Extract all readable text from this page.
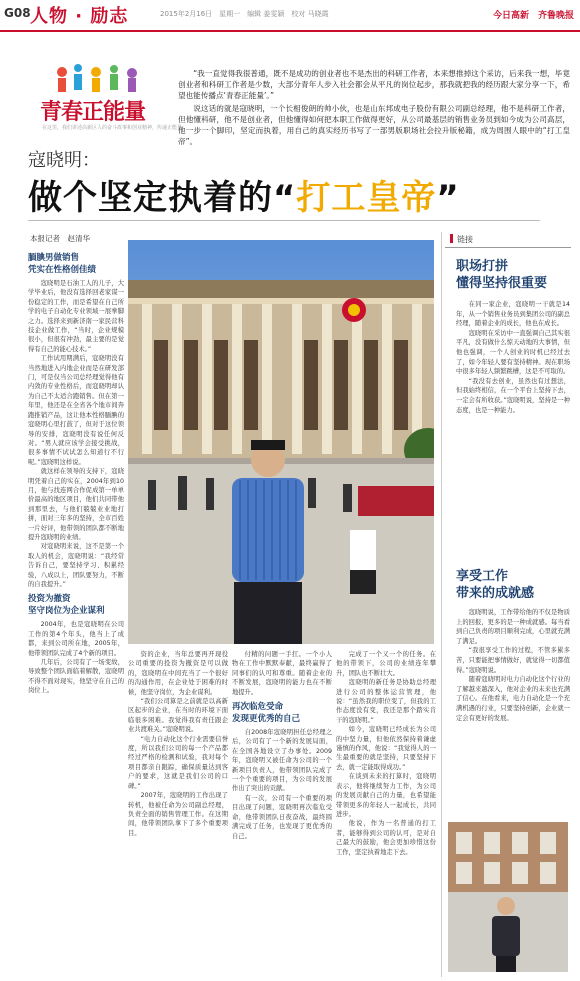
G08 人物 · 励志	2015年2月16日　星期一　编辑 姜雯颖　校对 马晓霞	今日高新　齐鲁晚报
青春正能量
在这里，我们讲述高新区人的奋斗故事和创业精神，传递正能量

“我一直觉得我很普通，既不是成功的创业者也不是杰出的科研工作者，本来想推掉这个采访，后来我一想，毕竟创业者和科研工作者是少数，大部分青年人步入社会都会从平凡的岗位起步，那我就把我的经历跟大家分享一下，希望也能传播点‘青春正能量’。”

说这话的就是寇晓明，一个长相俊朗的帅小伙，也是山东邦成电子股份有限公司副总经理，他不是科研工作者，但他懂科研，他不是创业者，但他懂得如何把本职工作做得更好，从公司最基层的销售业务员到如今成为公司高层，他一步一个脚印，坚定而执着，用自己的真实经历书写了一部男版职场社会拉升版秘籍，成为周围人眼中的“打工皇帝”。

寇晓明：
做个坚定执着的“打工皇帝”
本报记者　赵清华
腼腆男做销售
凭实在性格创佳绩

寇晓明是石油工人的儿子，大学毕业后，他没有选择回老家谋一份稳定的工作，而是希望在自己所学的电子自动化专业领域一展拳脚之力。选择来到新济南一家民营科技企业做工作，“当时，企业规模很小，但很有冲劲，最主要的是觉得有自己的能心技术。”

工作试用期满后，寇晓明没有当然地进入内地企业而是在研发部门，可是仅当公司总经理觉得他有内敛的专业性格后，而寇晓明却认为自己不太适合跑销售。但在第一年里，他还是在全省各个地市间奔跑推销产品，这让他本性格腼腆的寇晓明心里打鼓了，但对于这位领导的安排，寇晓明没有说任何反对。“男人就应该学会接受挑战，很多事情不试试怎么知道行不行呢。”寇晓明这样说。

就这样在领导的支持下，寇晓明凭着自己的实在，2004年到10月，他与找连网合作促成第一单单价最高的地区项目，他们共同带他到那里去，与他们兢兢业业地打拼，面对三年多的坚持，全市百姓一片好评，他带领的团队都不断地提升寇晓明的业绩。

对寇晓明来说，这不是第一个取人的机会，寇晓明说：“我经常告诉自己，要坚持学习、积累经验，八成以上，团队要努力，不断的自我提升。”

投资为撤资
坚守岗位为企业谋利

2004年，也是寇晓明在公司工作的第4个年头，他当上了成都，来到公司所在地，2005年，他带领团队完成了4个新的项目。

几年后，公司有了一场变故，导致整个团队面临着解散，寇晓明不得不面对现实，他坚守在自己的岗位上。

资的企业，当年总要再开现役公司重要的投资为撤资是可以做的，寇晓明在中间充当了一个很好的沟通作用，在企业处于困难的时候，他坚守岗位，为企业谋利。

“我们公司算是之前就是以高新区起步的企业，在当时的环境下面临很多困难。我觉得我有责任跟企业共渡难关。”寇晓明说。

“电力自动化这个行业需要信誉度，所以我们公司的每一个产品都经过严格的检测和试验，我对每个项目都亲自跟踪，确保质量达到客户的要求，这就是我们公司的口碑。”

2007年，寇晓明的工作出现了转机，他被任命为公司副总经理，负责全面的销售管理工作。在这期间，他带领团队拿下了多个重要项目。

付精的问题一手扛。一个小人物在工作中默默奉献，最终赢得了同事们的认可和尊重。随着企业的不断发展，寇晓明的能力也在不断地提升。

再次临危受命
发现更优秀的自己

自2008年寇晓明担任总经理之后，公司有了一个新的发展局面，在全国各地设立了办事处。2009年，寇晓明又被任命为公司的一个新项目负责人，他带领团队完成了一个个重要的项目，为公司的发展作出了突出的贡献。

有一次，公司有一个重要的项目出现了问题，寇晓明再次临危受命，他带领团队日夜奋战，最终圆满完成了任务，也发现了更优秀的自己。

完成了一个又一个的任务。在他的带领下，公司的业绩连年攀升，团队也不断壮大。

寇晓明的新任务是协助总经理进行公司的整体运营管理，他说：“虽然我的职位变了，但我的工作态度没有变，我还是那个踏实肯干的寇晓明。”

如今，寇晓明已经成长为公司的中坚力量，但他依然保持着谦虚谨慎的作风，他说：“我觉得人的一生最重要的就是坚持，只要坚持下去，就一定能取得成功。”

在谈到未来的打算时，寇晓明表示，他将继续努力工作，为公司的发展贡献自己的力量，也希望能带领更多的年轻人一起成长，共同进步。

他说，作为一名普通的打工者，能够得到公司的认可，是对自己最大的鼓励，他会更加珍惜这份工作，坚定执着地走下去。

链接
职场打拼
懂得坚持很重要

在同一家企业，寇晓明一干就是14年，从一个销售业务员到集团公司的副总经理，随着企业的成长，他也在成长。

寇晓明在采访中一直强调自己其实很平凡，没有做什么惊天动地的大事情，但他也强调，一个人创业的时机已经过去了，如今年轻人要有坚持精神。现在职场中很多年轻人频繁跳槽，这是不可取的。

“我没有去创业，虽然也有过想法，但我始终相信，在一个平台上坚持下去，一定会有所收获。”寇晓明说，坚持是一种态度，也是一种能力。

享受工作
带来的成就感

寇晓明说，工作带给他的不仅是物质上的回报，更多的是一种成就感。每当看到自己负责的项目顺利完成，心里就充满了满足。

“我很享受工作的过程，不管多累多苦，只要能把事情做好，就觉得一切都值得。”寇晓明说。

随着寇晓明对电力自动化这个行业的了解越来越深入，他对企业的未来也充满了信心。在他看来，电力自动化是一个充满机遇的行业，只要坚持创新，企业就一定会有更好的发展。
